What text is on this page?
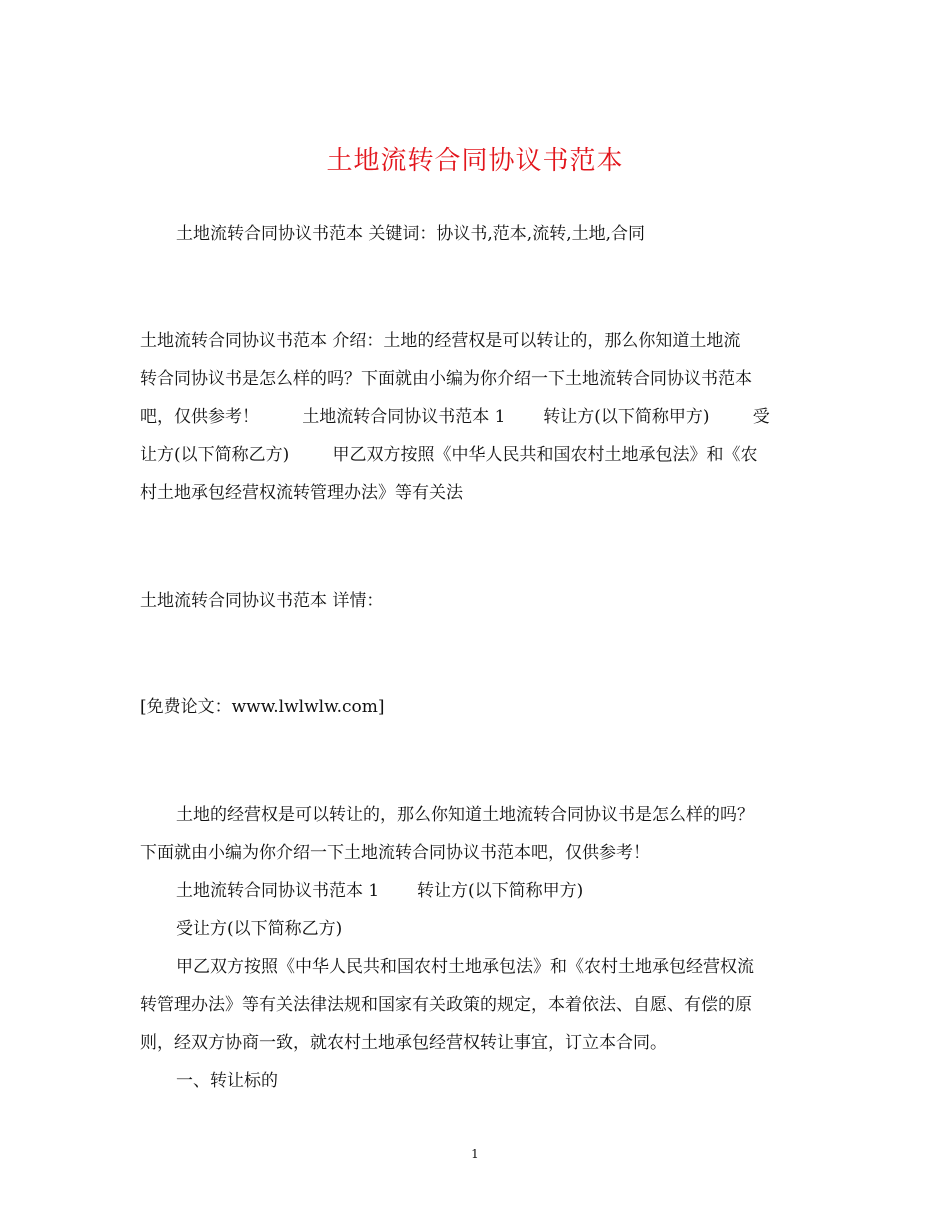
土地流转合同协议书范本
土地流转合同协议书范本 关键词：协议书,范本,流转,土地,合同
土地流转合同协议书范本 介绍：土地的经营权是可以转让的，那么你知道土地流
转合同协议书是怎么样的吗？下面就由小编为你介绍一下土地流转合同协议书范本
吧，仅供参考！        土地流转合同协议书范本 1       转让方(以下简称甲方)        受
让方(以下简称乙方)        甲乙双方按照《中华人民共和国农村土地承包法》和《农
村土地承包经营权流转管理办法》等有关法
土地流转合同协议书范本 详情：
[免费论文：www.lwlwlw.com]
土地的经营权是可以转让的，那么你知道土地流转合同协议书是怎么样的吗？
下面就由小编为你介绍一下土地流转合同协议书范本吧，仅供参考！
土地流转合同协议书范本 1       转让方(以下简称甲方)
受让方(以下简称乙方)
甲乙双方按照《中华人民共和国农村土地承包法》和《农村土地承包经营权流
转管理办法》等有关法律法规和国家有关政策的规定，本着依法、自愿、有偿的原
则，经双方协商一致，就农村土地承包经营权转让事宜，订立本合同。
一、转让标的
1
